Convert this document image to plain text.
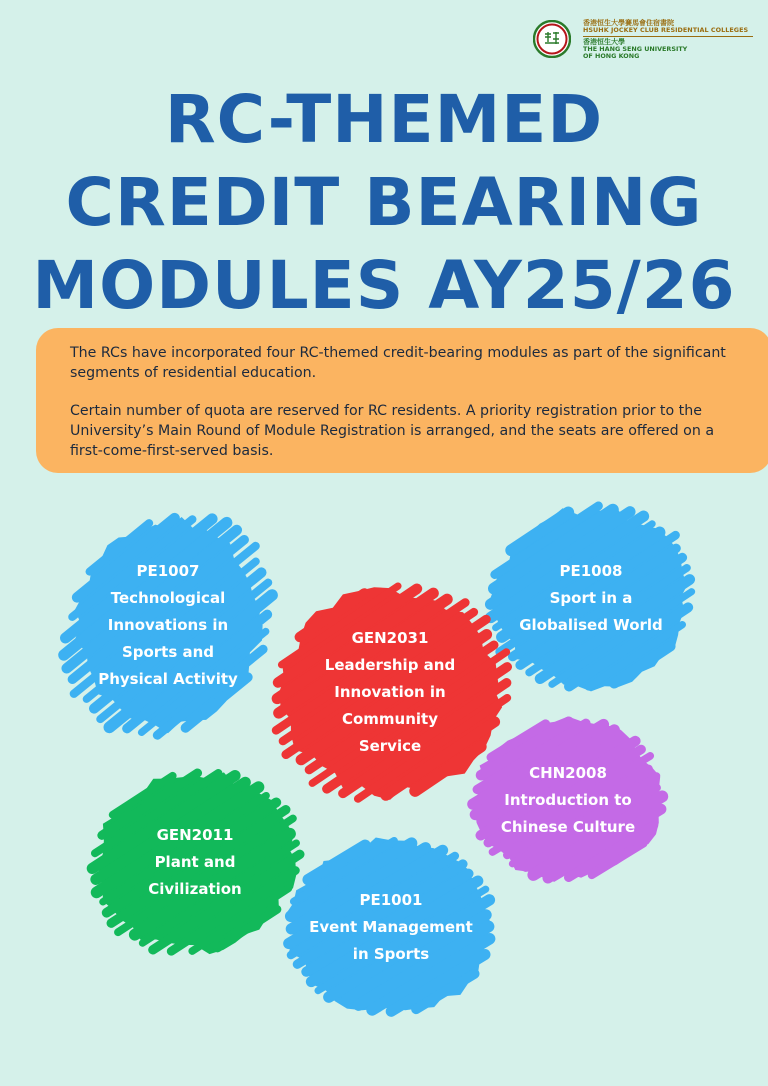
香港恒生大學賽馬會住宿書院
HSUHK JOCKEY CLUB RESIDENTIAL COLLEGES
香港恒生大學
THE HANG SENG UNIVERSITY
OF HONG KONG
RC-THEMED
CREDIT BEARING
MODULES AY25/26

The RCs have incorporated four RC-themed credit-bearing modules as part of the significant segments of residential education.

Certain number of quota are reserved for RC residents. A priority registration prior to the University’s Main Round of Module Registration is arranged, and the seats are offered on a first-come-first-served basis.

PE1007
Technological
Innovations in
Sports and
Physical Activity
PE1008
Sport in a
Globalised World
GEN2031
Leadership and
Innovation in
Community
Service
CHN2008
Introduction to
Chinese Culture
GEN2011
Plant and
Civilization
PE1001
Event Management
in Sports
